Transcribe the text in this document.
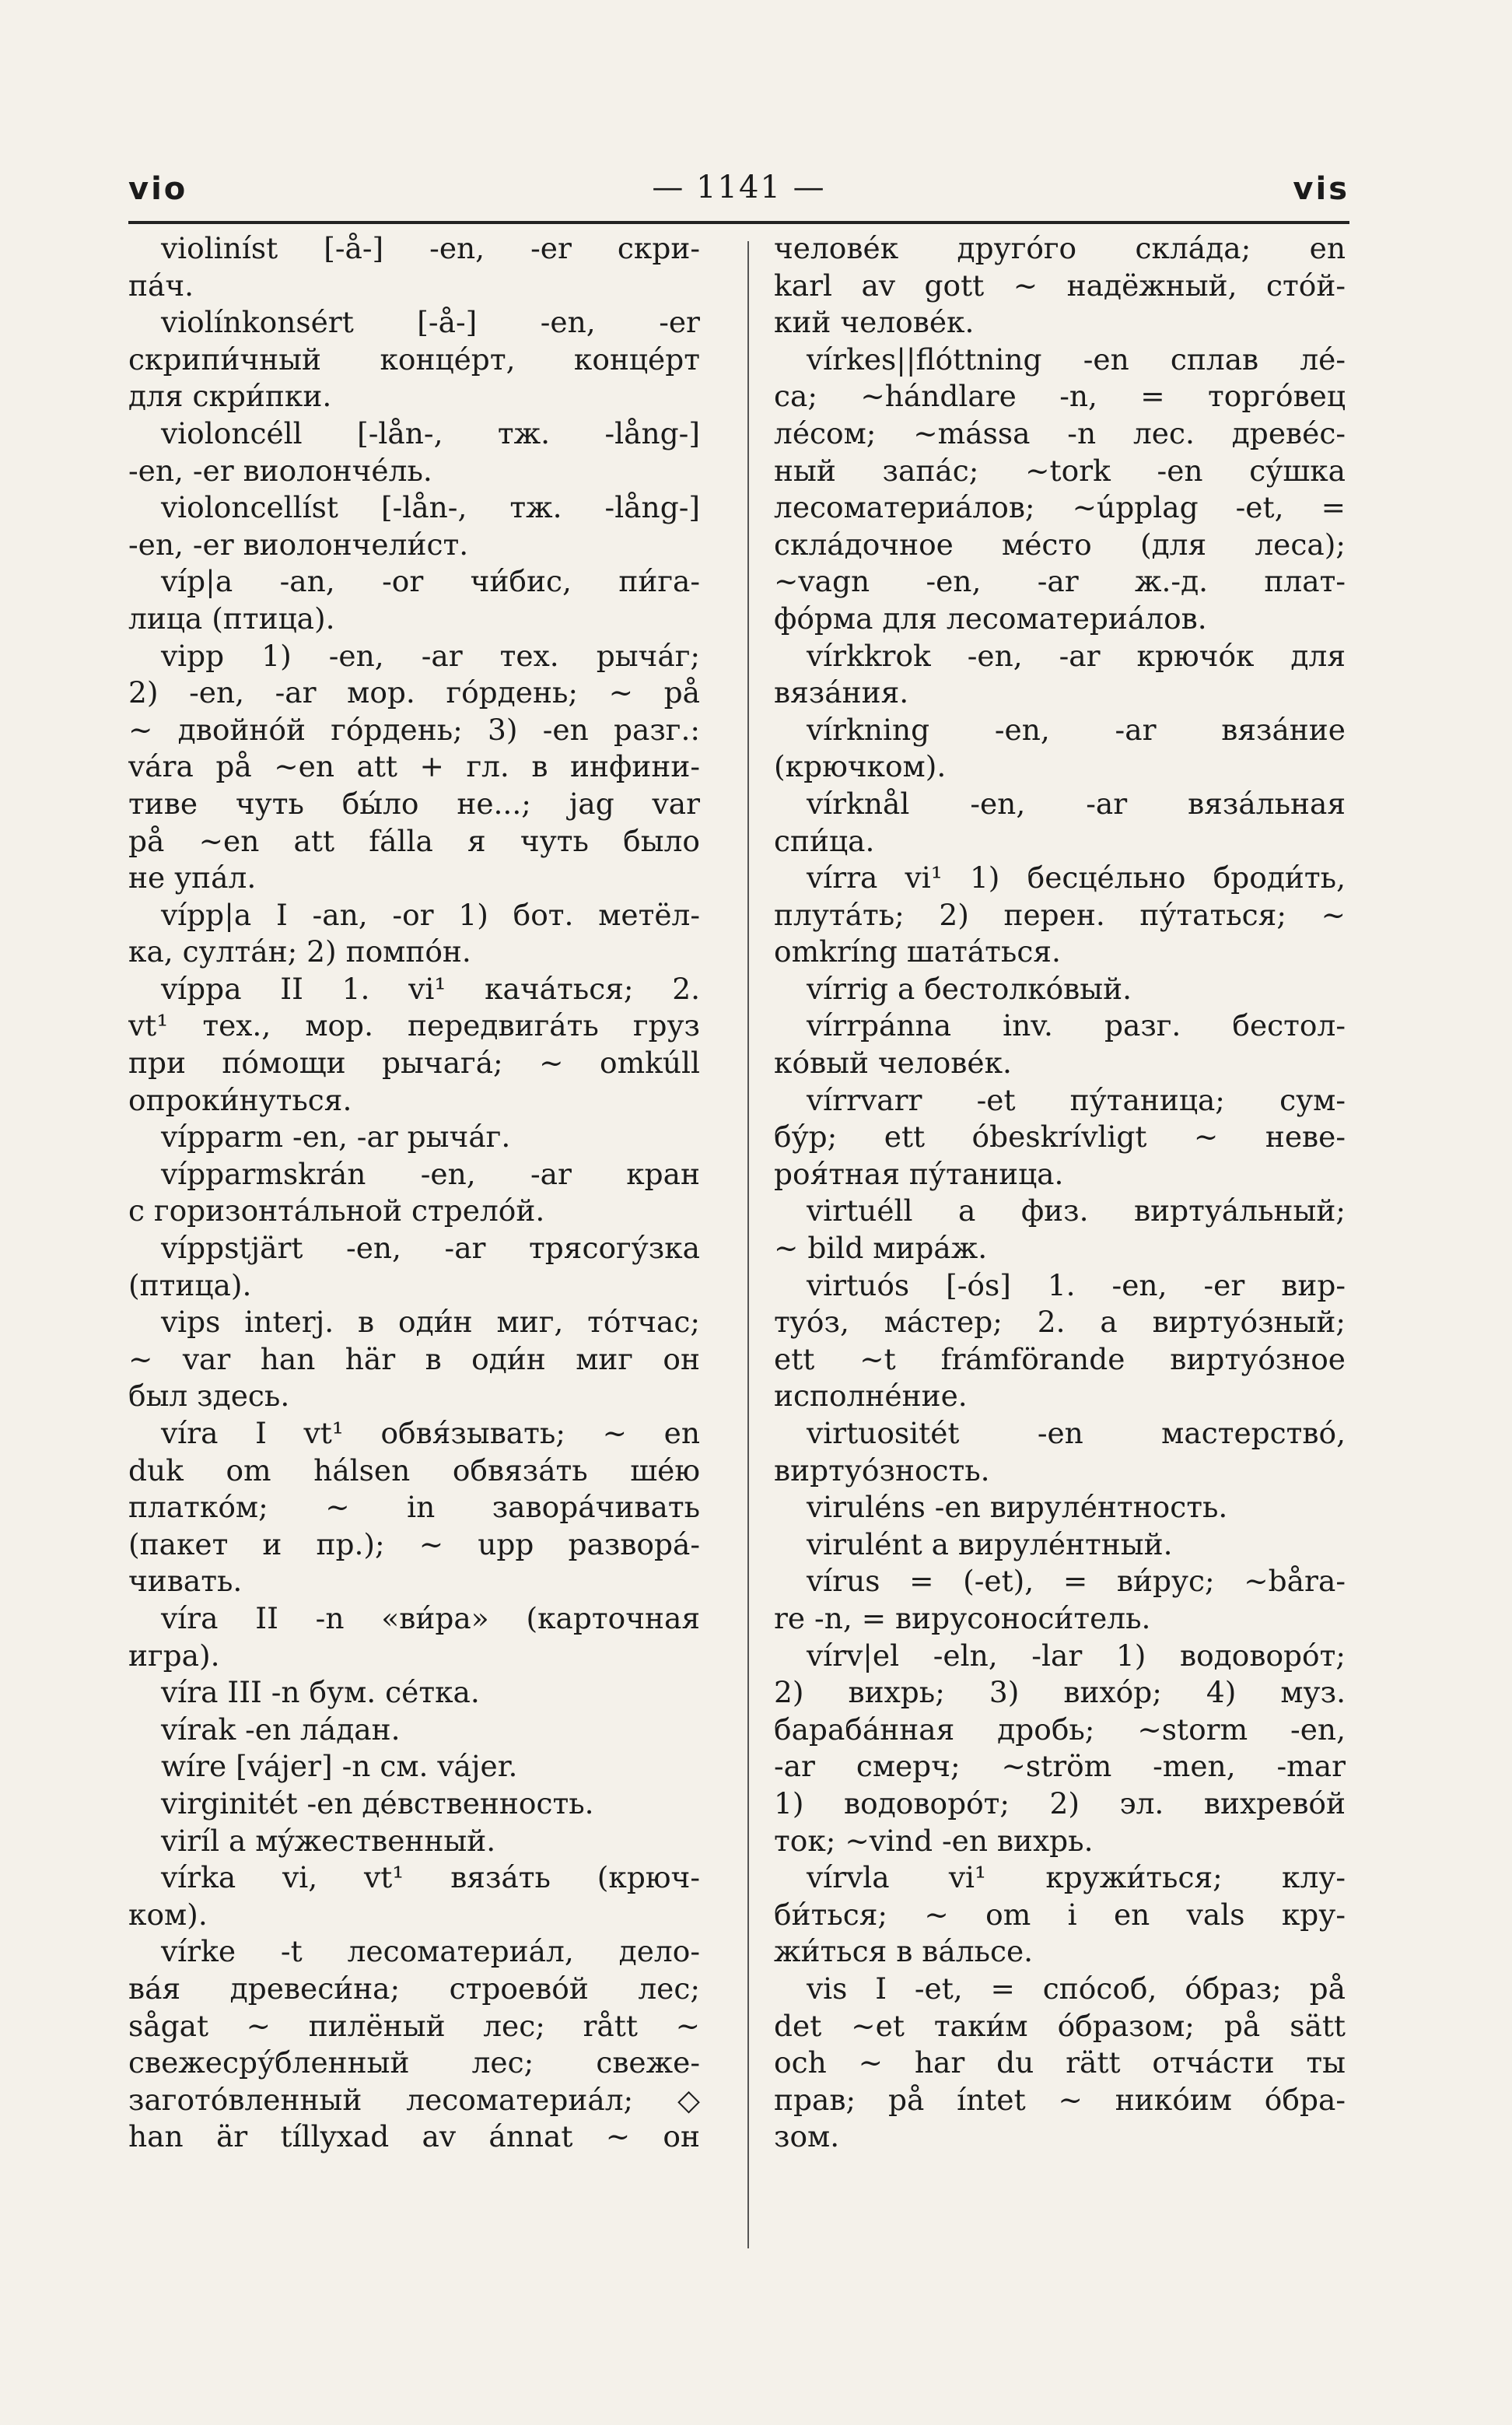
vio	— 1141 —	vis
violiníst [-å-] -en, -er скри-
пáч.
violínkonsért [-å-] -en, -er
скрипи́чный концéрт, концéрт
для скри́пки.
violoncéll [-lån-, тж. -lång-]
-en, -er виолончéль.
violoncellíst [-lån-, тж. -lång-]
-en, -er виолончели́ст.
víp|a -an, -or чи́бис, пи́га-
лица (птица).
vipp 1) -en, -ar тех. рычáг;
2) -en, -ar мор. гóрдень; ~ på
~ двойнóй гóрдень; 3) -en разг.:
vára på ~en att + гл. в инфини-
тиве чуть бы́ло не...; jag var
på ~en att fálla я чуть было
не упáл.
vípp|a I -an, -or 1) бот. метёл-
ка, султáн; 2) помпóн.
víppa II 1. vi¹ качáться; 2.
vt¹ тех., мор. передвигáть груз
при пóмощи рычагá; ~ omkúll
опроки́нуться.
vípparm -en, -ar рычáг.
vípparmskrán -en, -ar кран
с горизонтáльной стрелóй.
víppstjärt -en, -ar трясогу́зка
(птица).
vips interj. в оди́н миг, тóтчас;
~ var han här в оди́н миг он
был здесь.
víra I vt¹ обвя́зывать; ~ en
duk om hálsen обвязáть шéю
платкóм; ~ in заворáчивать
(пакет и пр.); ~ upp разворá-
чивать.
víra II -n «ви́ра» (карточная
игра).
víra III -n бум. сéтка.
vírak -en лáдан.
wíre [vájer] -n см. vájer.
virginitét -en дéвственность.
viríl a мýжественный.
vírka vi, vt¹ вязáть (крюч-
ком).
vírke -t лесоматериáл, дело-
вáя древеси́на; строевóй лес;
sågat ~ пилёный лес; rått ~
свежесру́бленный лес; свеже-
заготóвленный лесоматериáл; ◇
han är tíllyxad av ánnat ~ он
человéк другóго склáда; en
karl av gott ~ надёжный, стóй-
кий человéк.
vírkes||flóttning -en сплав лé-
са; ~hándlare -n, = торгóвец
лéсом; ~mássa -n лес. древéс-
ный запáс; ~tork -en су́шка
лесоматериáлов; ~úpplag -et, =
склáдочное мéсто (для леса);
~vagn -en, -ar ж.-д. плат-
фóрма для лесоматериáлов.
vírkkrok -en, -ar крючóк для
вязáния.
vírkning -en, -ar вязáние
(крючком).
vírknål -en, -ar вязáльная
спи́ца.
vírra vi¹ 1) бесцéльно броди́ть,
плутáть; 2) перен. пу́таться; ~
omkríng шатáться.
vírrig a бестолкóвый.
vírrpánna inv. разг. бестол-
кóвый человéк.
vírrvarr -et пу́таница; сум-
бу́р; ett óbeskrívligt ~ неве-
роя́тная пу́таница.
virtuéll a физ. виртуáльный;
~ bild мирáж.
virtuós [-ós] 1. -en, -er вир-
тyóз, мáстер; 2. a виртуóзный;
ett ~t frámförande виртуóзное
исполнéние.
virtuositét -en мастерствó,
виртуóзность.
viruléns -en вирулéнтность.
virulént a вирулéнтный.
vírus = (-et), = ви́рус; ~båra-
re -n, = вирусоноси́тель.
vírv|el -eln, -lar 1) водоворóт;
2) вихрь; 3) вихóр; 4) муз.
барабáнная дробь; ~storm -en,
-ar смерч; ~ström -men, -mar
1) водоворóт; 2) эл. вихревóй
ток; ~vind -en вихрь.
vírvla vi¹ кружи́ться; клу-
би́ться; ~ om i en vals кру-
жи́ться в вáльсе.
vis I -et, = спóсоб, óбраз; på
det ~et таки́м óбразом; på sätt
och ~ har du rätt отчáсти ты
прав; på íntet ~ никóим óбра-
зом.
